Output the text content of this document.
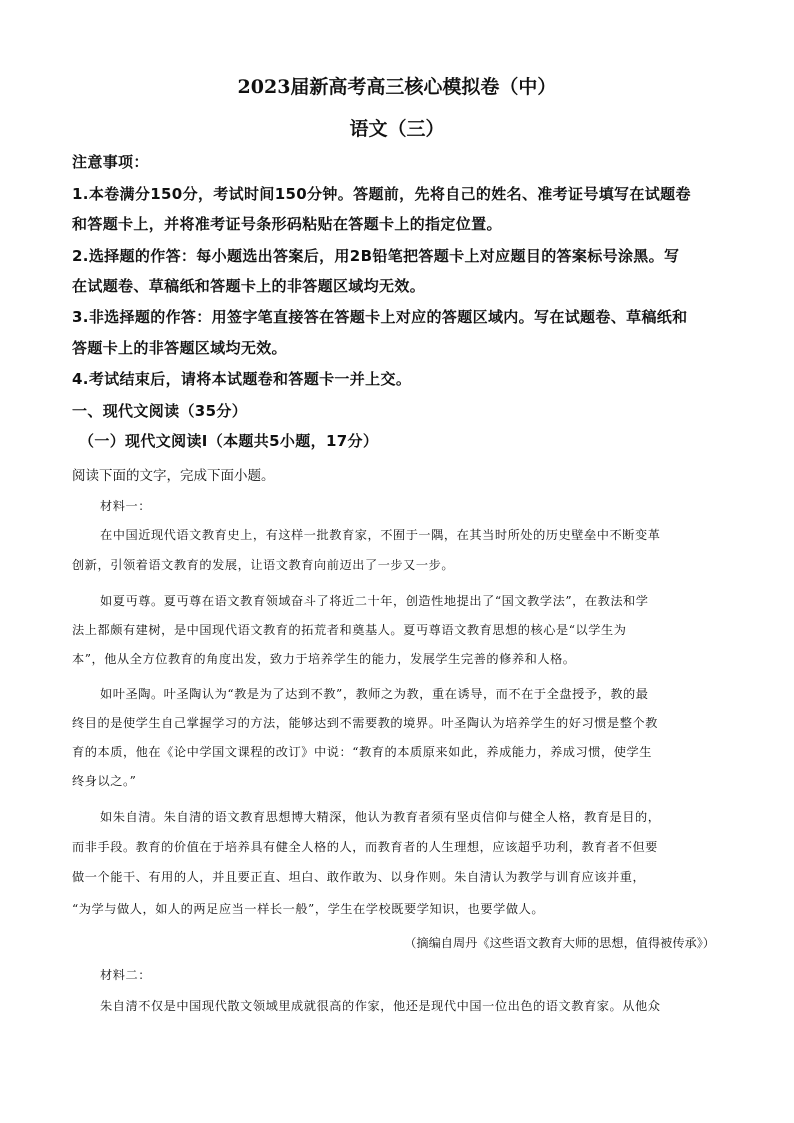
2023届新高考高三核心模拟卷（中）
语文（三）
注意事项：
1.本卷满分150分，考试时间150分钟。答题前，先将自己的姓名、准考证号填写在试题卷
和答题卡上，并将准考证号条形码粘贴在答题卡上的指定位置。
2.选择题的作答：每小题选出答案后，用2B铅笔把答题卡上对应题目的答案标号涂黑。写
在试题卷、草稿纸和答题卡上的非答题区域均无效。
3.非选择题的作答：用签字笔直接答在答题卡上对应的答题区域内。写在试题卷、草稿纸和
答题卡上的非答题区域均无效。
4.考试结束后，请将本试题卷和答题卡一并上交。
一、现代文阅读（35分）
（一）现代文阅读Ⅰ（本题共5小题，17分）
阅读下面的文字，完成下面小题。
材料一：
在中国近现代语文教育史上，有这样一批教育家，不囿于一隅，在其当时所处的历史壁垒中不断变革
创新，引领着语文教育的发展，让语文教育向前迈出了一步又一步。
如夏丏尊。夏丏尊在语文教育领域奋斗了将近二十年，创造性地提出了“国文教学法”，在教法和学
法上都颇有建树，是中国现代语文教育的拓荒者和奠基人。夏丏尊语文教育思想的核心是“以学生为
本”，他从全方位教育的角度出发，致力于培养学生的能力，发展学生完善的修养和人格。
如叶圣陶。叶圣陶认为“教是为了达到不教”，教师之为教，重在诱导，而不在于全盘授予，教的最
终目的是使学生自己掌握学习的方法，能够达到不需要教的境界。叶圣陶认为培养学生的好习惯是整个教
育的本质，他在《论中学国文课程的改订》中说：“教育的本质原来如此，养成能力，养成习惯，使学生
终身以之。”
如朱自清。朱自清的语文教育思想博大精深，他认为教育者须有坚贞信仰与健全人格，教育是目的，
而非手段。教育的价值在于培养具有健全人格的人，而教育者的人生理想，应该超乎功利，教育者不但要
做一个能干、有用的人，并且要正直、坦白、敢作敢为、以身作则。朱自清认为教学与训育应该并重，
“为学与做人，如人的两足应当一样长一般”，学生在学校既要学知识，也要学做人。
（摘编自周丹《这些语文教育大师的思想，值得被传承》）
材料二：
朱自清不仅是中国现代散文领域里成就很高的作家，他还是现代中国一位出色的语文教育家。从他众
